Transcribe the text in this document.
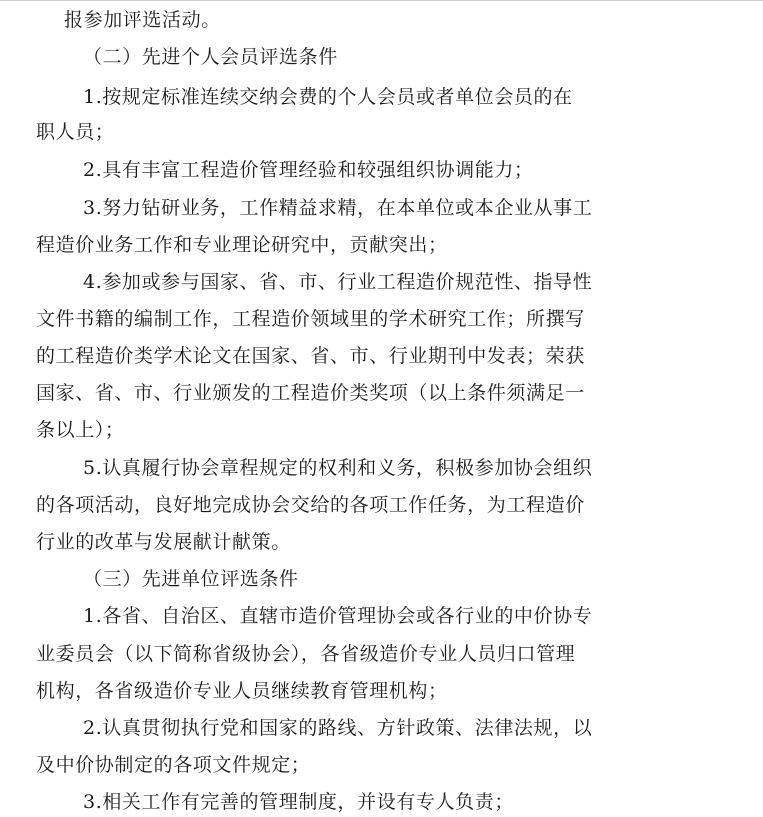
报参加评选活动。
（二）先进个人会员评选条件
1.按规定标准连续交纳会费的个人会员或者单位会员的在
职人员；
2.具有丰富工程造价管理经验和较强组织协调能力；
3.努力钻研业务，工作精益求精，在本单位或本企业从事工
程造价业务工作和专业理论研究中，贡献突出；
4.参加或参与国家、省、市、行业工程造价规范性、指导性
文件书籍的编制工作，工程造价领域里的学术研究工作；所撰写
的工程造价类学术论文在国家、省、市、行业期刊中发表；荣获
国家、省、市、行业颁发的工程造价类奖项（以上条件须满足一
条以上）；
5.认真履行协会章程规定的权利和义务，积极参加协会组织
的各项活动，良好地完成协会交给的各项工作任务，为工程造价
行业的改革与发展献计献策。
（三）先进单位评选条件
1.各省、自治区、直辖市造价管理协会或各行业的中价协专
业委员会（以下简称省级协会），各省级造价专业人员归口管理
机构，各省级造价专业人员继续教育管理机构；
2.认真贯彻执行党和国家的路线、方针政策、法律法规，以
及中价协制定的各项文件规定；
3.相关工作有完善的管理制度，并设有专人负责；
